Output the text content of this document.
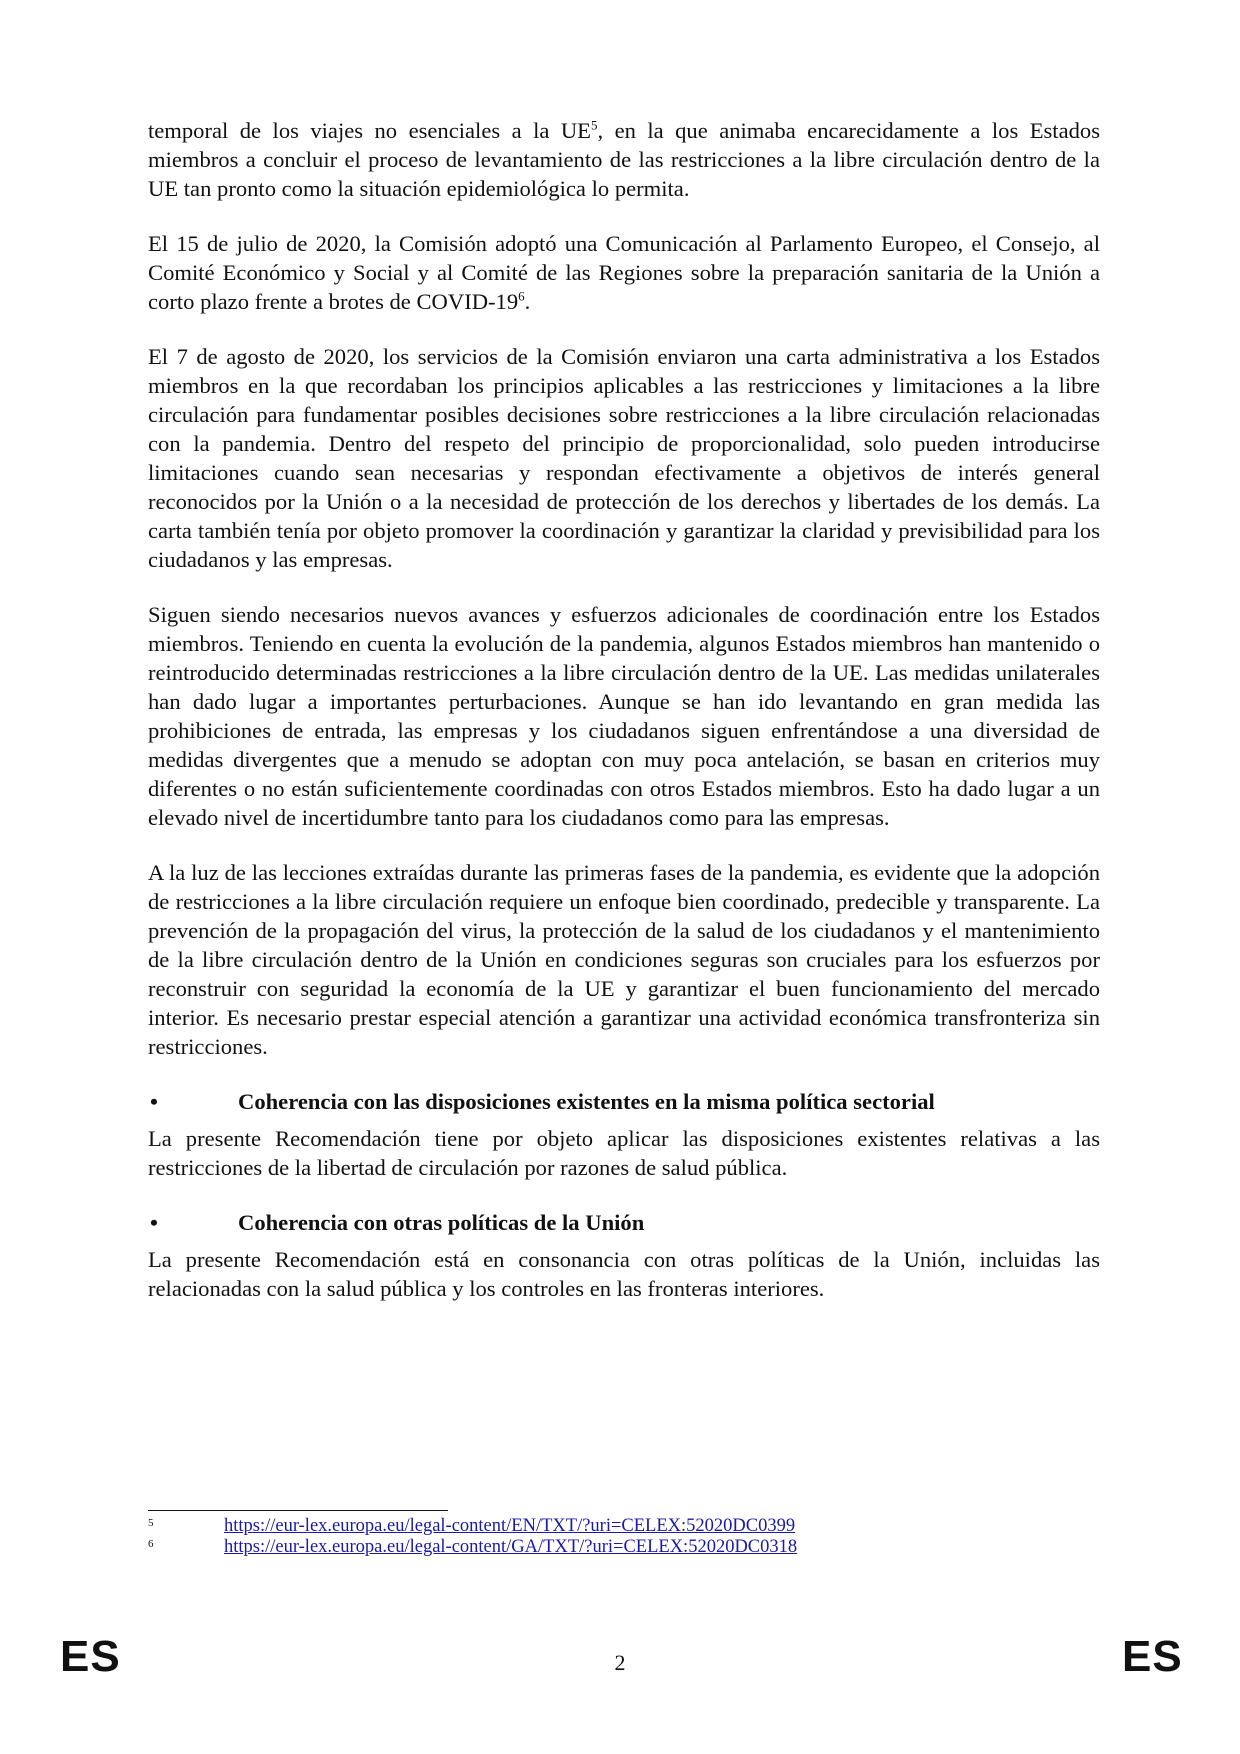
temporal de los viajes no esenciales a la $UE^5$, en la que animaba encarecidamente a los Estados miembros a concluir el proceso de levantamiento de las restricciones a la libre circulación dentro de la UE tan pronto como la situación epidemiológica lo permita.

El 15 de julio de 2020, la Comisión adoptó una Comunicación al Parlamento Europeo, el Consejo, al Comité Económico y Social y al Comité de las Regiones sobre la preparación sanitaria de la Unión a corto plazo frente a brotes de COVID-$19^6$.

El 7 de agosto de 2020, los servicios de la Comisión enviaron una carta administrativa a los Estados miembros en la que recordaban los principios aplicables a las restricciones y limitaciones a la libre circulación para fundamentar posibles decisiones sobre restricciones a la libre circulación relacionadas con la pandemia. Dentro del respeto del principio de proporcionalidad, solo pueden introducirse limitaciones cuando sean necesarias y respondan efectivamente a objetivos de interés general reconocidos por la Unión o a la necesidad de protección de los derechos y libertades de los demás. La carta también tenía por objeto promover la coordinación y garantizar la claridad y previsibilidad para los ciudadanos y las empresas.

Siguen siendo necesarios nuevos avances y esfuerzos adicionales de coordinación entre los Estados miembros. Teniendo en cuenta la evolución de la pandemia, algunos Estados miembros han mantenido o reintroducido determinadas restricciones a la libre circulación dentro de la UE. Las medidas unilaterales han dado lugar a importantes perturbaciones. Aunque se han ido levantando en gran medida las prohibiciones de entrada, las empresas y los ciudadanos siguen enfrentándose a una diversidad de medidas divergentes que a menudo se adoptan con muy poca antelación, se basan en criterios muy diferentes o no están suficientemente coordinadas con otros Estados miembros. Esto ha dado lugar a un elevado nivel de incertidumbre tanto para los ciudadanos como para las empresas.

A la luz de las lecciones extraídas durante las primeras fases de la pandemia, es evidente que la adopción de restricciones a la libre circulación requiere un enfoque bien coordinado, predecible y transparente. La prevención de la propagación del virus, la protección de la salud de los ciudadanos y el mantenimiento de la libre circulación dentro de la Unión en condiciones seguras son cruciales para los esfuerzos por reconstruir con seguridad la economía de la UE y garantizar el buen funcionamiento del mercado interior. Es necesario prestar especial atención a garantizar una actividad económica transfronteriza sin restricciones.

•	Coherencia con las disposiciones existentes en la misma política sectorial

La presente Recomendación tiene por objeto aplicar las disposiciones existentes relativas a las restricciones de la libertad de circulación por razones de salud pública.

•	Coherencia con otras políticas de la Unión

La presente Recomendación está en consonancia con otras políticas de la Unión, incluidas las relacionadas con la salud pública y los controles en las fronteras interiores.

5	https://eur-lex.europa.eu/legal-content/EN/TXT/?uri=CELEX:52020DC0399
6	https://eur-lex.europa.eu/legal-content/GA/TXT/?uri=CELEX:52020DC0318
ES	2	ES
